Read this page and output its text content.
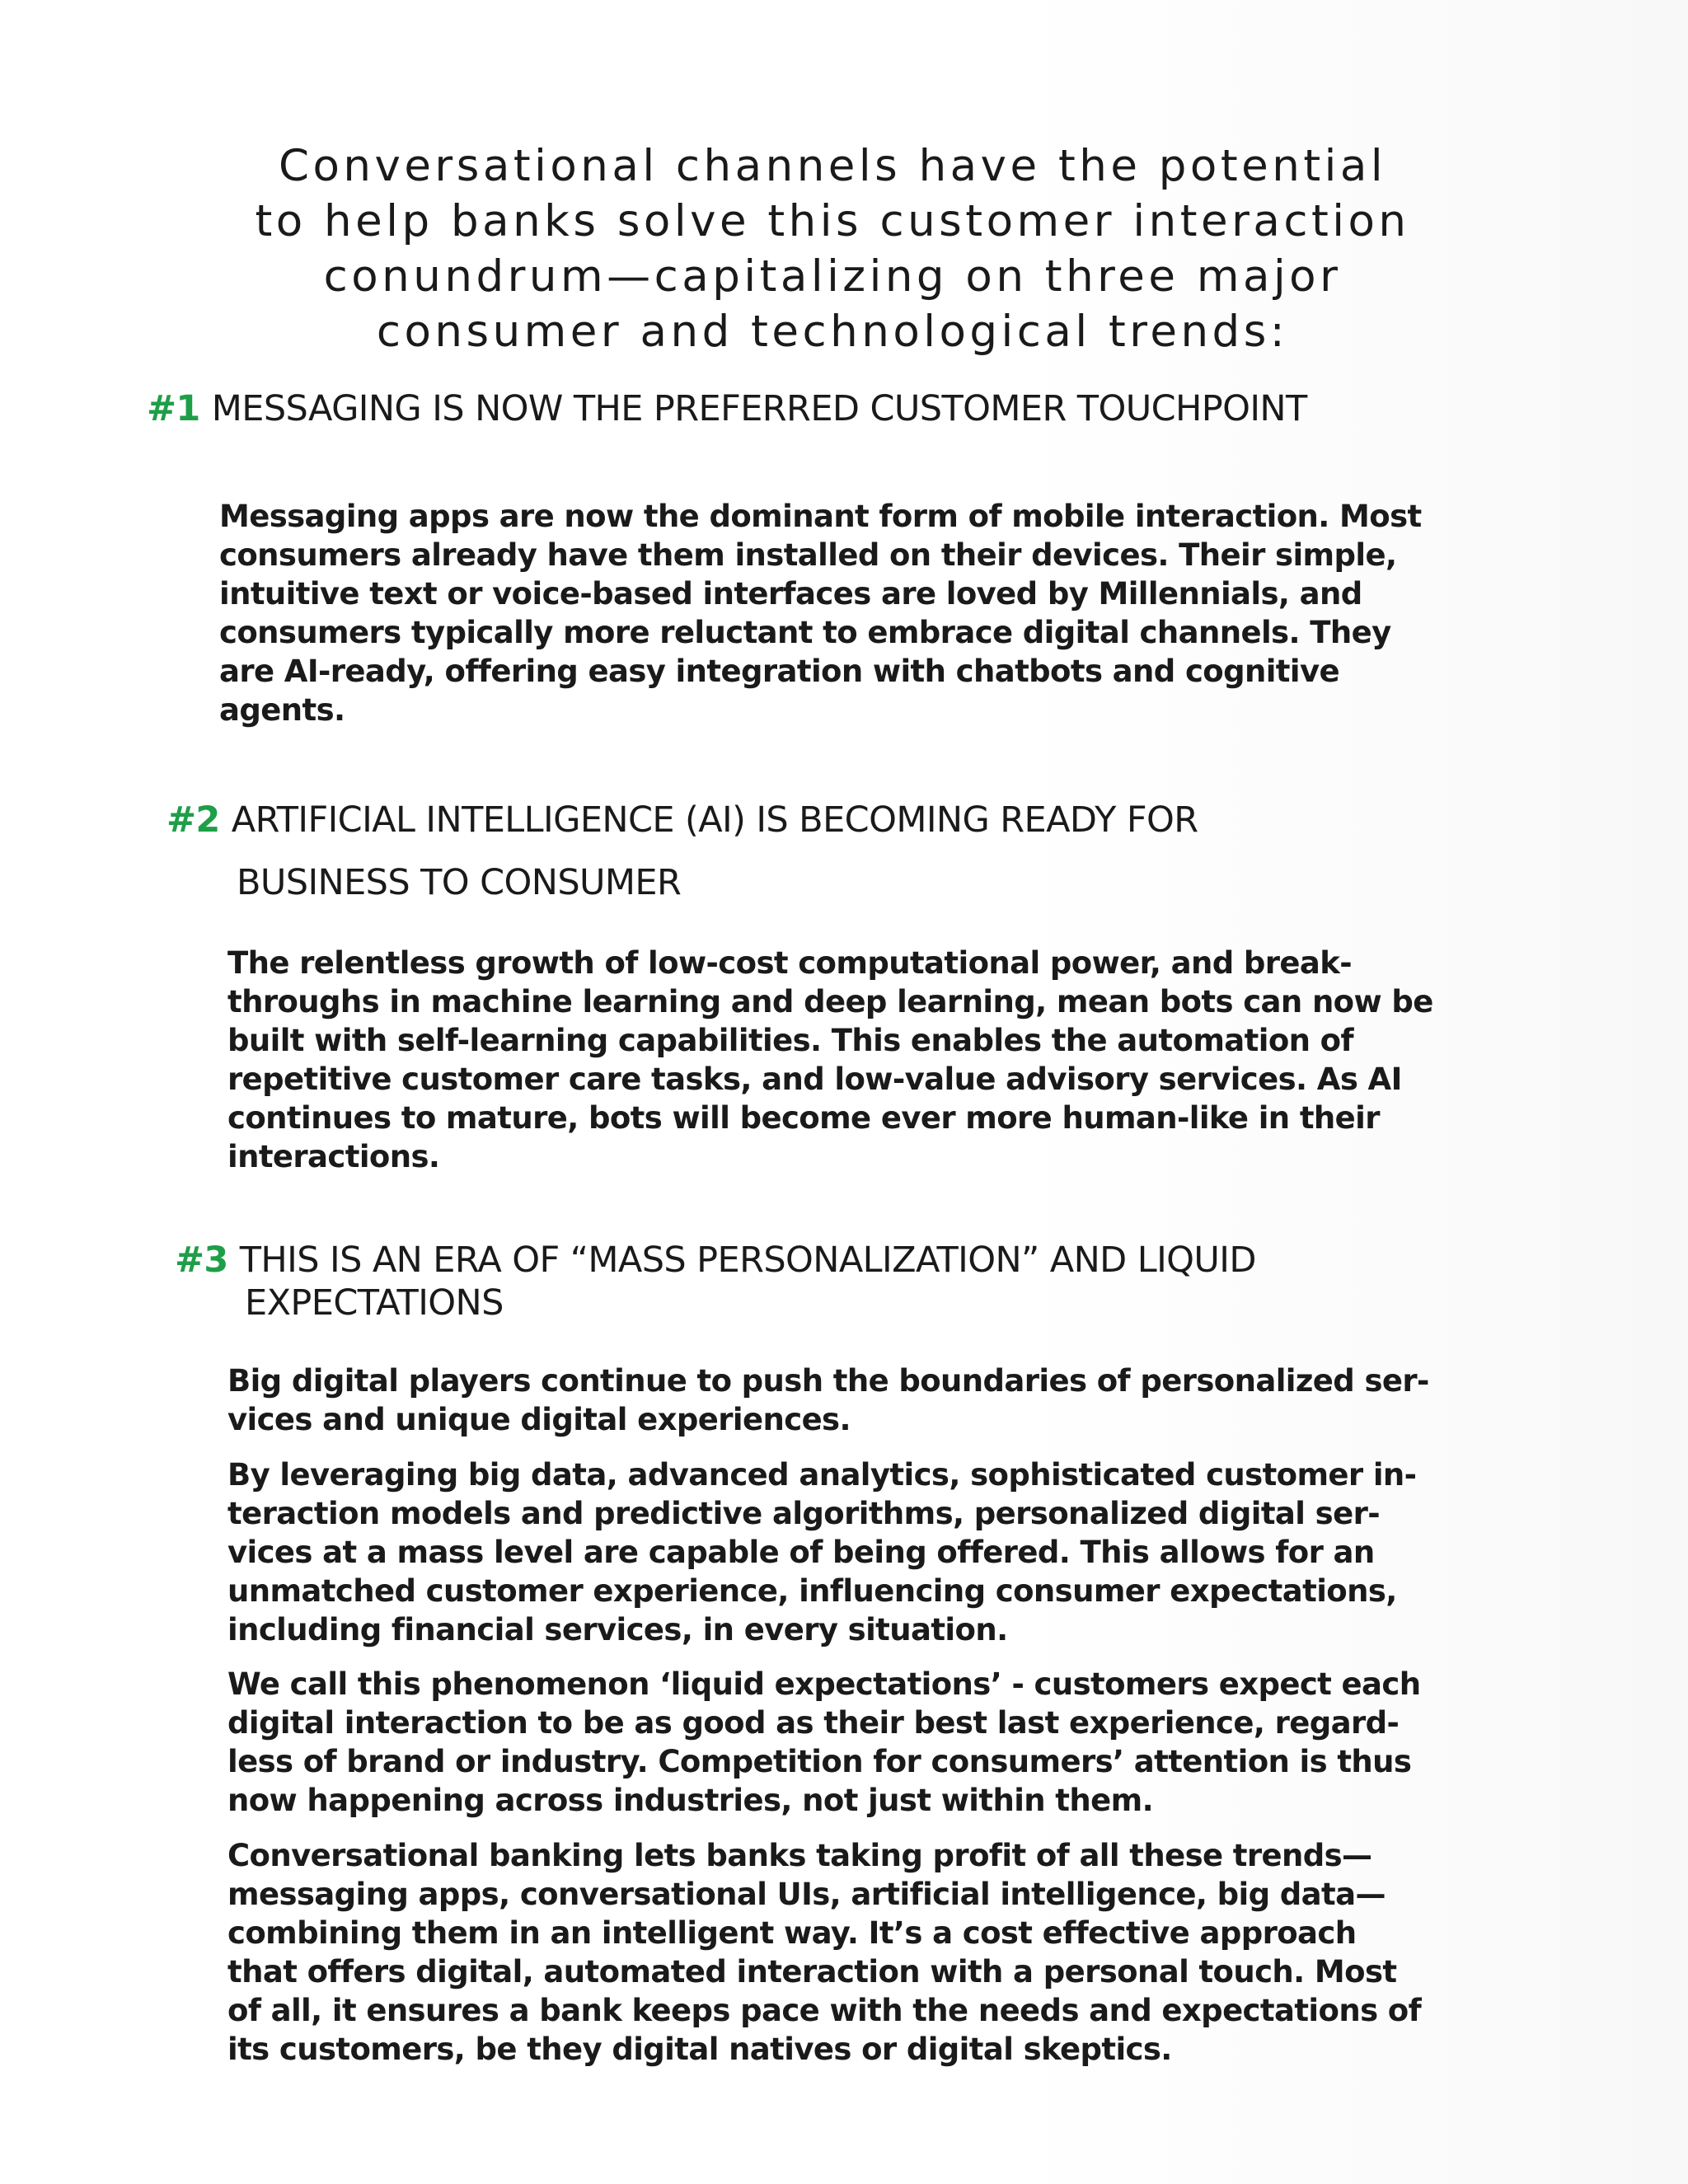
Conversational channels have the potential
to help banks solve this customer interaction
conundrum—capitalizing on three major
consumer and technological trends:
#1 MESSAGING IS NOW THE PREFERRED CUSTOMER TOUCHPOINT
Messaging apps are now the dominant form of mobile interaction. Most
consumers already have them installed on their devices. Their simple,
intuitive text or voice-based interfaces are loved by Millennials, and
consumers typically more reluctant to embrace digital channels. They
are AI-ready, offering easy integration with chatbots and cognitive
agents.
#2 ARTIFICIAL INTELLIGENCE (AI) IS BECOMING READY FOR
BUSINESS TO CONSUMER
The relentless growth of low-cost computational power, and break-
throughs in machine learning and deep learning, mean bots can now be
built with self-learning capabilities. This enables the automation of
repetitive customer care tasks, and low-value advisory services. As AI
continues to mature, bots will become ever more human-like in their
interactions.
#3 THIS IS AN ERA OF “MASS PERSONALIZATION” AND LIQUID
EXPECTATIONS
Big digital players continue to push the boundaries of personalized ser-
vices and unique digital experiences.
By leveraging big data, advanced analytics, sophisticated customer in-
teraction models and predictive algorithms, personalized digital ser-
vices at a mass level are capable of being offered. This allows for an
unmatched customer experience, influencing consumer expectations,
including financial services, in every situation.
We call this phenomenon ‘liquid expectations’ - customers expect each
digital interaction to be as good as their best last experience, regard-
less of brand or industry. Competition for consumers’ attention is thus
now happening across industries, not just within them.
Conversational banking lets banks taking profit of all these trends—
messaging apps, conversational UIs, artificial intelligence, big data—
combining them in an intelligent way. It’s a cost effective approach
that offers digital, automated interaction with a personal touch. Most
of all, it ensures a bank keeps pace with the needs and expectations of
its customers, be they digital natives or digital skeptics.
